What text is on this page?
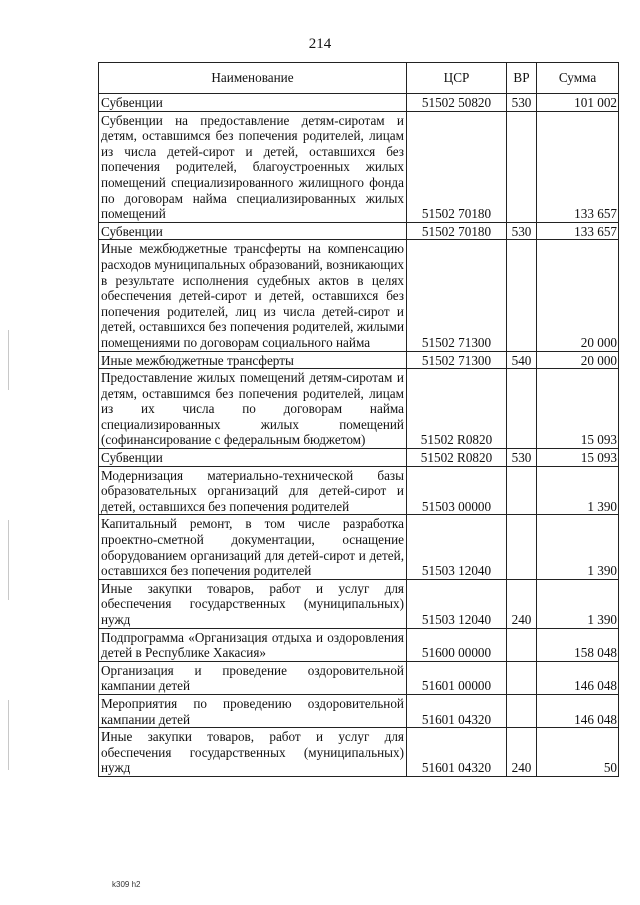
214
Наименование	ЦСР	ВР	Сумма
Субвенции	51502 50820	530	101 002
Субвенции на предоставление детям-сиротам и детям, оставшимся без попечения родителей, лицам из числа детей-сирот и детей, оставшихся без попечения родителей, благоустроенных жилых помещений специализированного жилищного фонда по договорам найма специализированных жилых помещений	51502 70180		133 657
Субвенции	51502 70180	530	133 657
Иные межбюджетные трансферты на компенсацию расходов муниципальных образований, возникающих в результате исполнения судебных актов в целях обеспечения детей-сирот и детей, оставшихся без попечения родителей, лиц из числа детей-сирот и детей, оставшихся без попечения родителей, жилыми помещениями по договорам социального найма	51502 71300		20 000
Иные межбюджетные трансферты	51502 71300	540	20 000
Предоставление жилых помещений детям-сиротам и детям, оставшимся без попечения родителей, лицам из их числа по договорам найма специализированных жилых помещений (софинансирование с федеральным бюджетом)	51502 R0820		15 093
Субвенции	51502 R0820	530	15 093
Модернизация материально-технической базы образовательных организаций для детей-сирот и детей, оставшихся без попечения родителей	51503 00000		1 390
Капитальный ремонт, в том числе разработка проектно-сметной документации, оснащение оборудованием организаций для детей-сирот и детей, оставшихся без попечения родителей	51503 12040		1 390
Иные закупки товаров, работ и услуг для обеспечения государственных (муниципальных) нужд	51503 12040	240	1 390
Подпрограмма «Организация отдыха и оздоровления детей в Республике Хакасия»	51600 00000		158 048
Организация и проведение оздоровительной кампании детей	51601 00000		146 048
Мероприятия по проведению оздоровительной кампании детей	51601 04320		146 048
Иные закупки товаров, работ и услуг для обеспечения государственных (муниципальных) нужд	51601 04320	240	50
k309 h2
